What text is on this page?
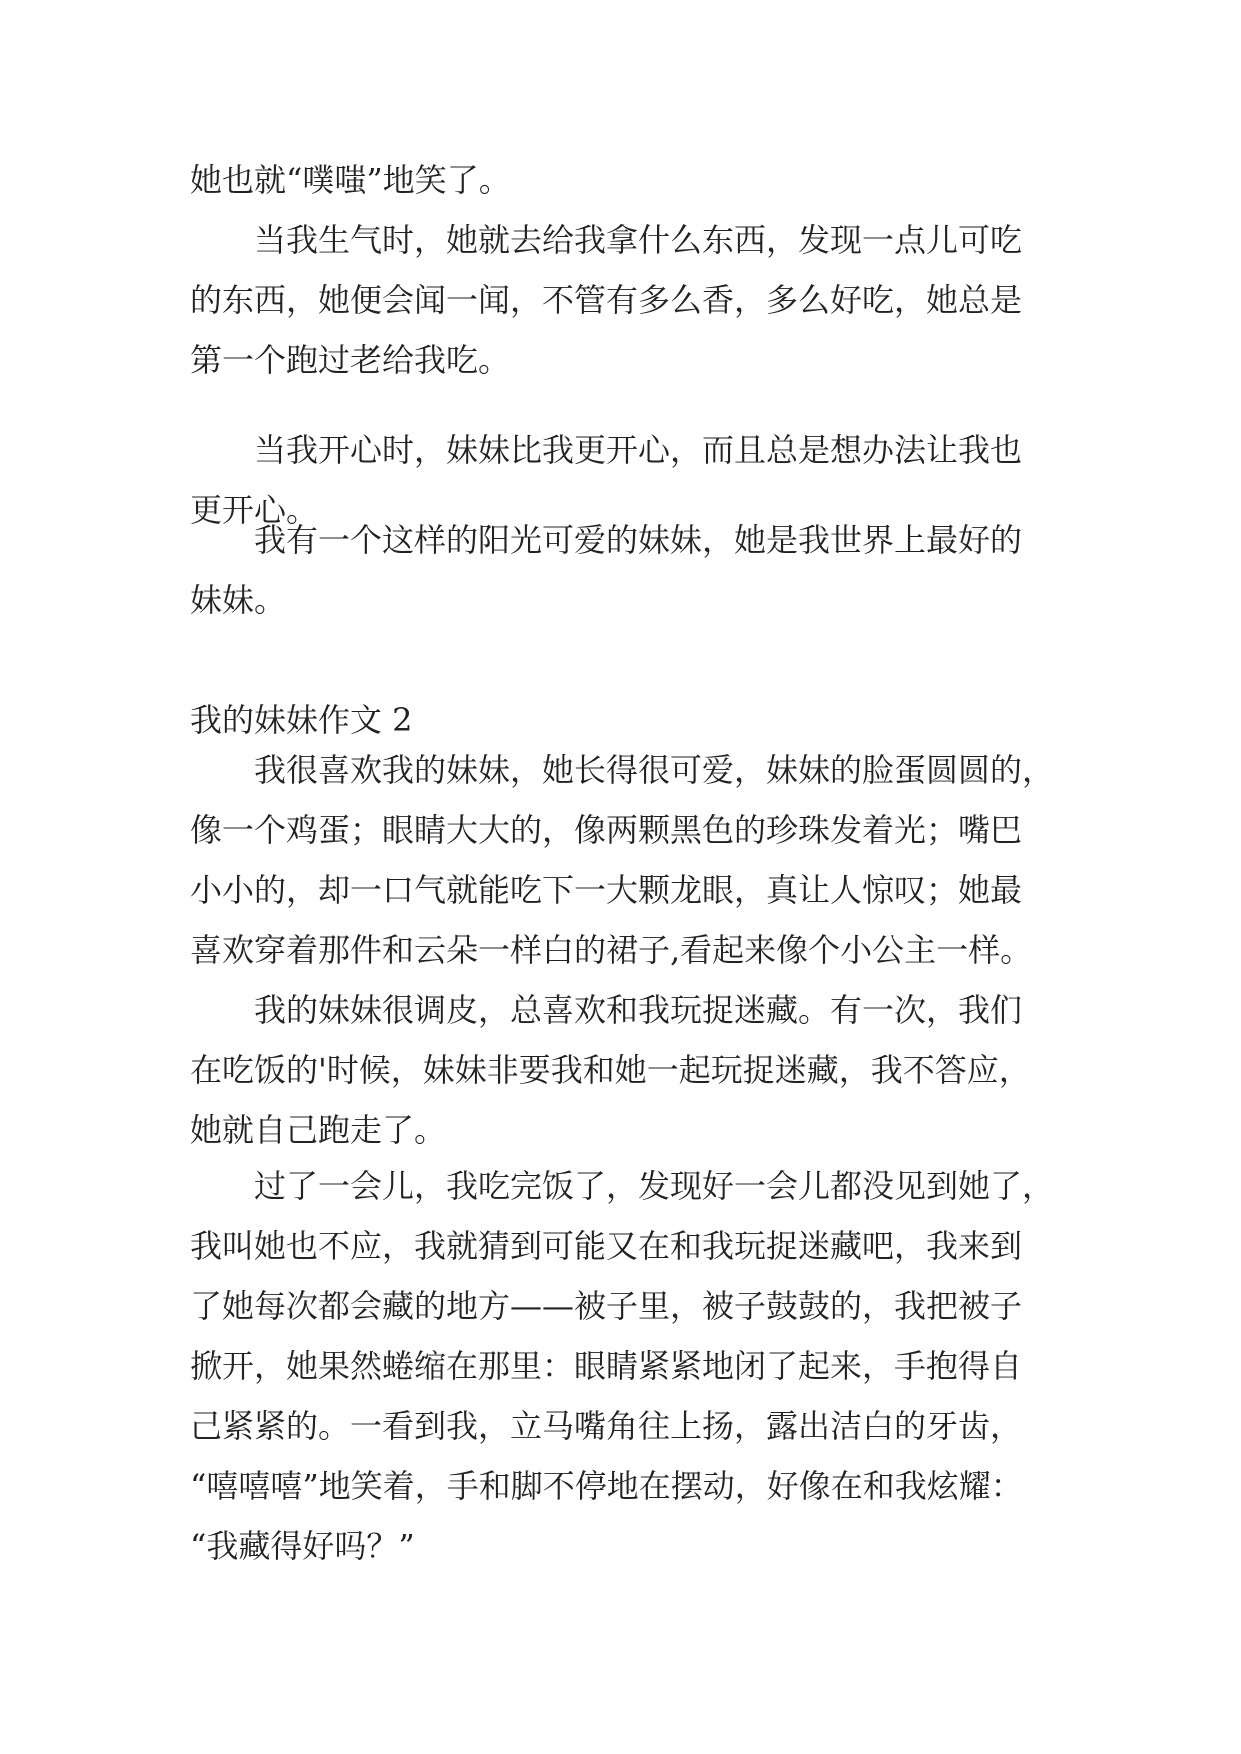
她也就“噗嗤”地笑了。
当我生气时，她就去给我拿什么东西，发现一点儿可吃
的东西，她便会闻一闻，不管有多么香，多么好吃，她总是
第一个跑过老给我吃。
当我开心时，妹妹比我更开心，而且总是想办法让我也
更开心。
我有一个这样的阳光可爱的妹妹，她是我世界上最好的
妹妹。
我的妹妹作文 2
我很喜欢我的妹妹，她长得很可爱，妹妹的脸蛋圆圆的，
像一个鸡蛋；眼睛大大的，像两颗黑色的珍珠发着光；嘴巴
小小的，却一口气就能吃下一大颗龙眼，真让人惊叹；她最
喜欢穿着那件和云朵一样白的裙子,看起来像个小公主一样。
我的妹妹很调皮，总喜欢和我玩捉迷藏。有一次，我们
在吃饭的'时候，妹妹非要我和她一起玩捉迷藏，我不答应，
她就自己跑走了。
过了一会儿，我吃完饭了，发现好一会儿都没见到她了，
我叫她也不应，我就猜到可能又在和我玩捉迷藏吧，我来到
了她每次都会藏的地方——被子里，被子鼓鼓的，我把被子
掀开，她果然蜷缩在那里：眼睛紧紧地闭了起来，手抱得自
己紧紧的。一看到我，立马嘴角往上扬，露出洁白的牙齿，
“嘻嘻嘻”地笑着，手和脚不停地在摆动，好像在和我炫耀：
“我藏得好吗？”
